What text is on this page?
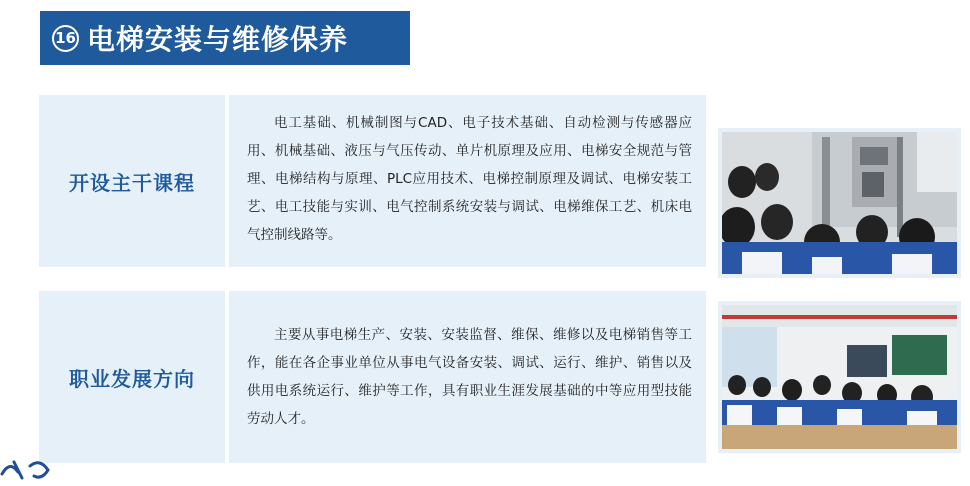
16 电梯安装与维修保养
开设主干课程
电工基础、机械制图与CAD、电子技术基础、自动检测与传感器应用、机械基础、液压与气压传动、单片机原理及应用、电梯安全规范与管理、电梯结构与原理、PLC应用技术、电梯控制原理及调试、电梯安装工艺、电工技能与实训、电气控制系统安装与调试、电梯维保工艺、机床电气控制线路等。
职业发展方向
主要从事电梯生产、安装、安装监督、维保、维修以及电梯销售等工作，能在各企事业单位从事电气设备安装、调试、运行、维护、销售以及供用电系统运行、维护等工作，具有职业生涯发展基础的中等应用型技能劳动人才。
